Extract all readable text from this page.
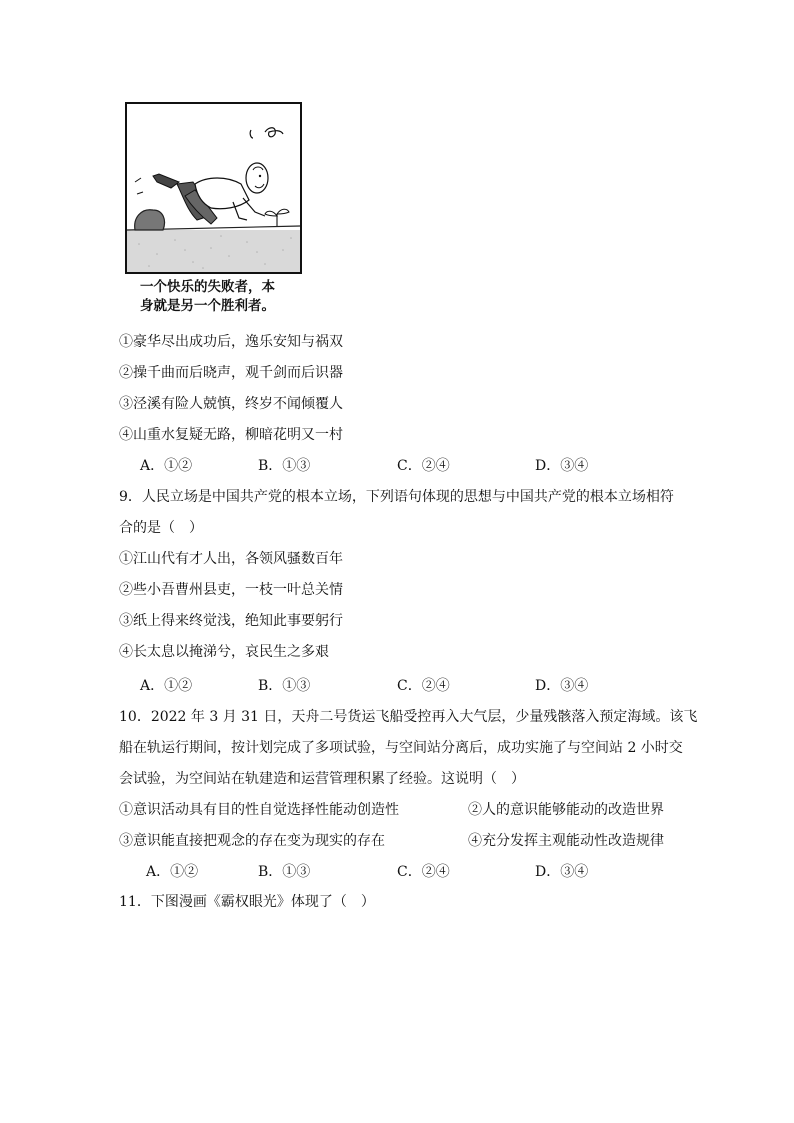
一个快乐的失败者，本
身就是另一个胜利者。
①豪华尽出成功后，逸乐安知与祸双
②操千曲而后晓声，观千剑而后识器
③泾溪有险人兢慎，终岁不闻倾覆人
④山重水复疑无路，柳暗花明又一村
A．①②	B．①③	C．②④	D．③④
9．人民立场是中国共产党的根本立场，下列语句体现的思想与中国共产党的根本立场相符
合的是（　）
①江山代有才人出，各领风骚数百年
②些小吾曹州县吏，一枝一叶总关情
③纸上得来终觉浅，绝知此事要躬行
④长太息以掩涕兮，哀民生之多艰
A．①②	B．①③	C．②④	D．③④
10．2022 年 3 月 31 日，天舟二号货运飞船受控再入大气层，少量残骸落入预定海域。该飞
船在轨运行期间，按计划完成了多项试验，与空间站分离后，成功实施了与空间站 2 小时交
会试验，为空间站在轨建造和运营管理积累了经验。这说明（　）
①意识活动具有目的性自觉选择性能动创造性	②人的意识能够能动的改造世界
③意识能直接把观念的存在变为现实的存在	④充分发挥主观能动性改造规律
A．①②	B．①③	C．②④	D．③④
11．下图漫画《霸权眼光》体现了（　）
